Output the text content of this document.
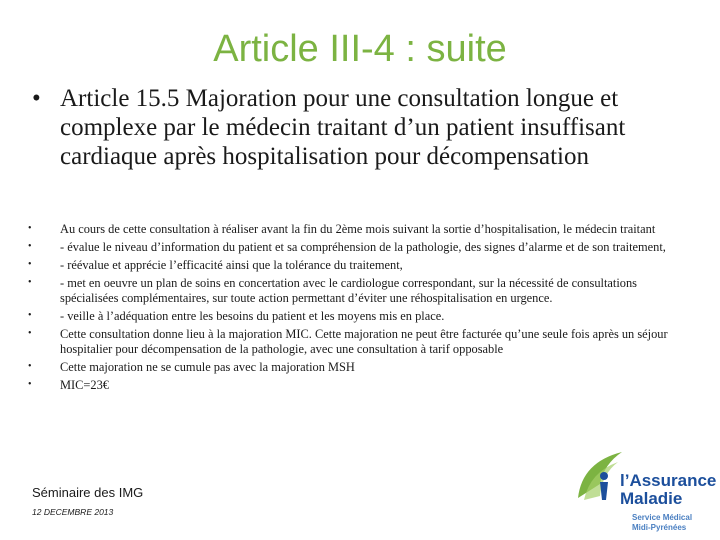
Article III-4 : suite
• Article 15.5 Majoration pour une consultation longue et complexe par le médecin traitant d’un patient insuffisant cardiaque après hospitalisation pour décompensation
• Au cours de cette consultation à réaliser avant la fin du 2ème mois suivant la sortie d’hospitalisation, le médecin traitant
• - évalue le niveau d’information du patient et sa compréhension de la pathologie, des signes d’alarme et de son traitement,
• - réévalue et apprécie l’efficacité ainsi que la tolérance du traitement,
• - met en oeuvre un plan de soins en concertation avec le cardiologue correspondant, sur la nécessité de consultations spécialisées complémentaires, sur toute action permettant d’éviter une réhospitalisation en urgence.
• - veille à l’adéquation entre les besoins du patient et les moyens mis en place.
• Cette consultation donne lieu à la majoration MIC. Cette majoration ne peut être facturée qu’une seule fois après un séjour hospitalier pour décompensation de la pathologie, avec une consultation à tarif opposable
• Cette majoration ne se cumule pas avec la majoration MSH
• MIC=23€
Séminaire des IMG
12 DECEMBRE 2013
l’Assurance
Maladie
Service Médical
Midi-Pyrénées
